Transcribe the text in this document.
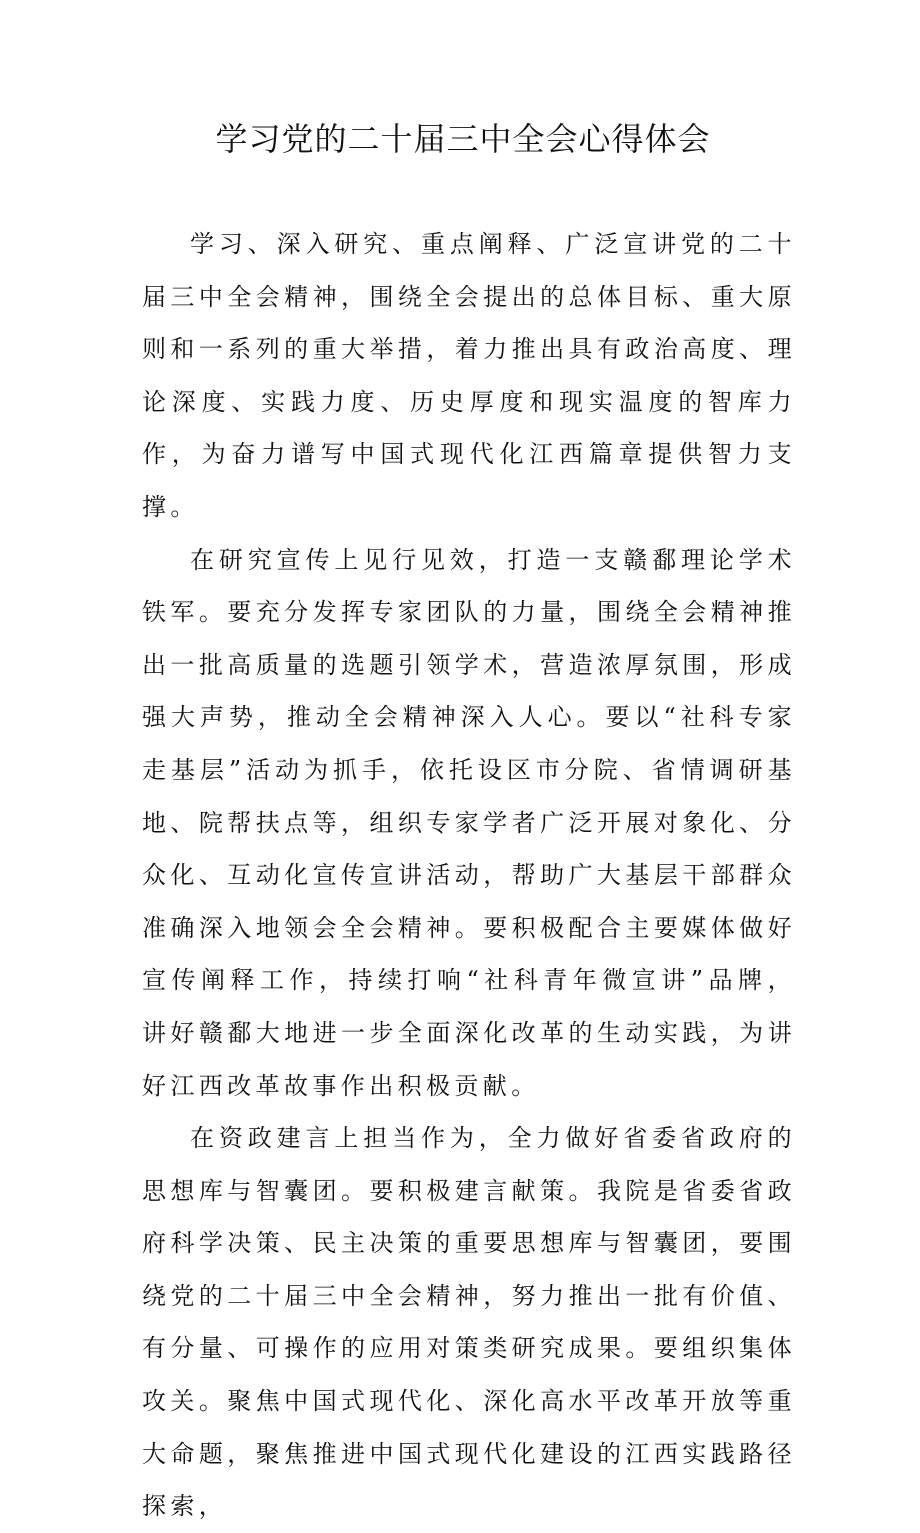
学习党的二十届三中全会心得体会

学习、深入研究、重点阐释、广泛宣讲党的二十届三中全会精神，围绕全会提出的总体目标、重大原则和一系列的重大举措，着力推出具有政治高度、理论深度、实践力度、历史厚度和现实温度的智库力作，为奋力谱写中国式现代化江西篇章提供智力支撑。

在研究宣传上见行见效，打造一支赣鄱理论学术铁军。要充分发挥专家团队的力量，围绕全会精神推出一批高质量的选题引领学术，营造浓厚氛围，形成强大声势，推动全会精神深入人心。要以“社科专家走基层”活动为抓手，依托设区市分院、省情调研基地、院帮扶点等，组织专家学者广泛开展对象化、分众化、互动化宣传宣讲活动，帮助广大基层干部群众准确深入地领会全会精神。要积极配合主要媒体做好宣传阐释工作，持续打响“社科青年微宣讲”品牌，讲好赣鄱大地进一步全面深化改革的生动实践，为讲好江西改革故事作出积极贡献。

在资政建言上担当作为，全力做好省委省政府的思想库与智囊团。要积极建言献策。我院是省委省政府科学决策、民主决策的重要思想库与智囊团，要围绕党的二十届三中全会精神，努力推出一批有价值、有分量、可操作的应用对策类研究成果。要组织集体攻关。聚焦中国式现代化、深化高水平改革开放等重大命题，聚焦推进中国式现代化建设的江西实践路径探索，
